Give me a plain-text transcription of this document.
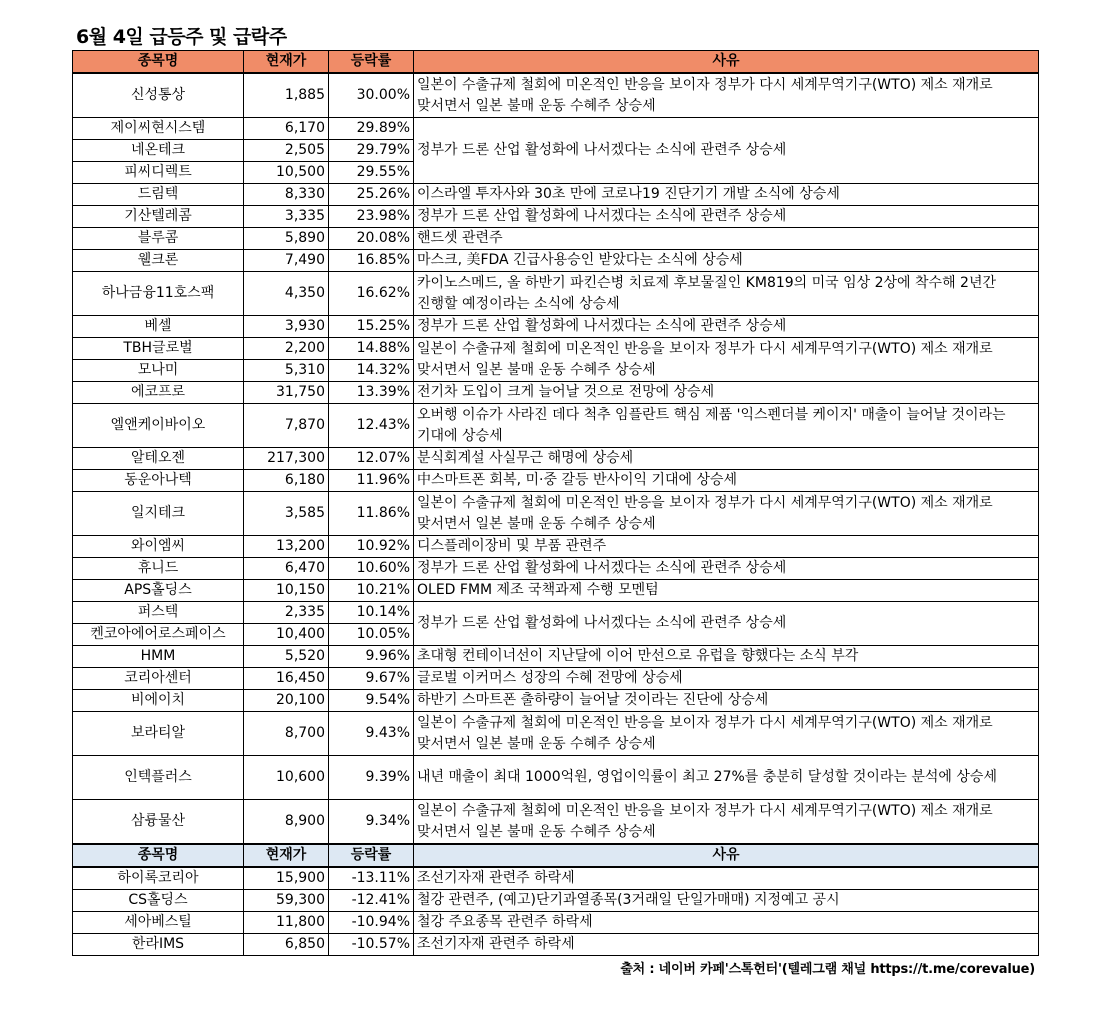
6월 4일 급등주 및 급락주
종목명	현재가	등락률	사유
신성통상	1,885	30.00%	일본이 수출규제 철회에 미온적인 반응을 보이자 정부가 다시 세계무역기구(WTO) 제소 재개로 맞서면서 일본 불매 운동 수혜주 상승세
제이씨현시스템	6,170	29.89%	정부가 드론 산업 활성화에 나서겠다는 소식에 관련주 상승세
네온테크	2,505	29.79%	
피씨디렉트	10,500	29.55%	
드림텍	8,330	25.26%	이스라엘 투자사와 30초 만에 코로나19 진단기기 개발 소식에 상승세
기산텔레콤	3,335	23.98%	정부가 드론 산업 활성화에 나서겠다는 소식에 관련주 상승세
블루콤	5,890	20.08%	핸드셋 관련주
웰크론	7,490	16.85%	마스크, 美FDA 긴급사용승인 받았다는 소식에 상승세
하나금융11호스팩	4,350	16.62%	카이노스메드, 올 하반기 파킨슨병 치료제 후보물질인 KM819의 미국 임상 2상에 착수해 2년간 진행할 예정이라는 소식에 상승세
베셀	3,930	15.25%	정부가 드론 산업 활성화에 나서겠다는 소식에 관련주 상승세
TBH글로벌	2,200	14.88%	일본이 수출규제 철회에 미온적인 반응을 보이자 정부가 다시 세계무역기구(WTO) 제소 재개로 맞서면서 일본 불매 운동 수혜주 상승세
모나미	5,310	14.32%	
에코프로	31,750	13.39%	전기차 도입이 크게 늘어날 것으로 전망에 상승세
엘앤케이바이오	7,870	12.43%	오버행 이슈가 사라진 데다 척추 임플란트 핵심 제품 '익스펜더블 케이지' 매출이 늘어날 것이라는 기대에 상승세
알테오젠	217,300	12.07%	분식회계설 사실무근 해명에 상승세
동운아나텍	6,180	11.96%	中스마트폰 회복, 미·중 갈등 반사이익 기대에 상승세
일지테크	3,585	11.86%	일본이 수출규제 철회에 미온적인 반응을 보이자 정부가 다시 세계무역기구(WTO) 제소 재개로 맞서면서 일본 불매 운동 수혜주 상승세
와이엠씨	13,200	10.92%	디스플레이장비 및 부품 관련주
휴니드	6,470	10.60%	정부가 드론 산업 활성화에 나서겠다는 소식에 관련주 상승세
APS홀딩스	10,150	10.21%	OLED FMM 제조 국책과제 수행 모멘텀
퍼스텍	2,335	10.14%	정부가 드론 산업 활성화에 나서겠다는 소식에 관련주 상승세
켄코아에어로스페이스	10,400	10.05%	
HMM	5,520	9.96%	초대형 컨테이너선이 지난달에 이어 만선으로 유럽을 향했다는 소식 부각
코리아센터	16,450	9.67%	글로벌 이커머스 성장의 수혜 전망에 상승세
비에이치	20,100	9.54%	하반기 스마트폰 출하량이 늘어날 것이라는 진단에 상승세
보라티알	8,700	9.43%	일본이 수출규제 철회에 미온적인 반응을 보이자 정부가 다시 세계무역기구(WTO) 제소 재개로 맞서면서 일본 불매 운동 수혜주 상승세
인텍플러스	10,600	9.39%	내년 매출이 최대 1000억원, 영업이익률이 최고 27%를 충분히 달성할 것이라는 분석에 상승세
삼륭물산	8,900	9.34%	일본이 수출규제 철회에 미온적인 반응을 보이자 정부가 다시 세계무역기구(WTO) 제소 재개로 맞서면서 일본 불매 운동 수혜주 상승세
종목명	현재가	등락률	사유
하이록코리아	15,900	-13.11%	조선기자재 관련주 하락세
CS홀딩스	59,300	-12.41%	철강 관련주, (예고)단기과열종목(3거래일 단일가매매) 지정예고 공시
세아베스틸	11,800	-10.94%	철강 주요종목 관련주 하락세
한라IMS	6,850	-10.57%	조선기자재 관련주 하락세
출처 : 네이버 카페'스톡헌터'(텔레그램 채널 https://t.me/corevalue)
